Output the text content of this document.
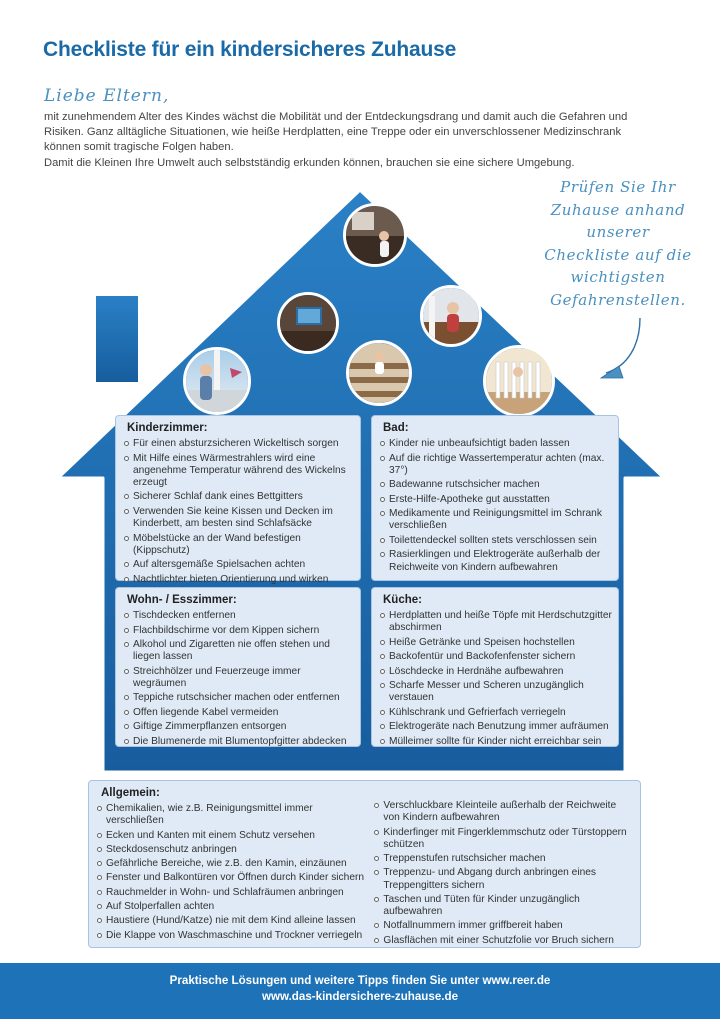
Checkliste für ein kindersicheres Zuhause
Liebe Eltern,

mit zunehmendem Alter des Kindes wächst die Mobilität und der Entdeckungsdrang und damit auch die Gefahren und Risiken. Ganz alltägliche Situationen, wie heiße Herdplatten, eine Treppe oder ein unverschlossener Medizinschrank können somit tragische Folgen haben.

Damit die Kleinen Ihre Umwelt auch selbstständig erkunden können, brauchen sie eine sichere Umgebung.

Prüfen Sie Ihr
Zuhause anhand
unserer
Checkliste auf die
wichtigsten
Gefahrenstellen.
Kinderzimmer:
Für einen absturzsicheren Wickeltisch sorgen
Mit Hilfe eines Wärmestrahlers wird eine angenehme Temperatur während des Wickelns erzeugt
Sicherer Schlaf dank eines Bettgitters
Verwenden Sie keine Kissen und Decken im Kinderbett, am besten sind Schlafsäcke
Möbelstücke an der Wand befestigen (Kippschutz)
Auf altersgemäße Spielsachen achten
Nachtlichter bieten Orientierung und wirken
Bad:
Kinder nie unbeaufsichtigt baden lassen
Auf die richtige Wassertemperatur achten (max. 37°)
Badewanne rutschsicher machen
Erste-Hilfe-Apotheke gut ausstatten
Medikamente und Reinigungsmittel im Schrank verschließen
Toilettendeckel sollten stets verschlossen sein
Rasierklingen und Elektrogeräte außerhalb der Reichweite von Kindern aufbewahren
Wohn- / Esszimmer:
Tischdecken entfernen
Flachbildschirme vor dem Kippen sichern
Alkohol und Zigaretten nie offen stehen und liegen lassen
Streichhölzer und Feuerzeuge immer wegräumen
Teppiche rutschsicher machen oder entfernen
Offen liegende Kabel vermeiden
Giftige Zimmerpflanzen entsorgen
Die Blumenerde mit Blumentopfgitter abdecken
Küche:
Herdplatten und heiße Töpfe mit Herdschutzgitter abschirmen
Heiße Getränke und Speisen hochstellen
Backofentür und Backofenfenster sichern
Löschdecke in Herdnähe aufbewahren
Scharfe Messer und Scheren unzugänglich verstauen
Kühlschrank und Gefrierfach verriegeln
Elektrogeräte nach Benutzung immer aufräumen
Mülleimer sollte für Kinder nicht erreichbar sein
Allgemein:
Chemikalien, wie z.B. Reinigungsmittel immer verschließen
Ecken und Kanten mit einem Schutz versehen
Steckdosenschutz anbringen
Gefährliche Bereiche, wie z.B. den Kamin, einzäunen
Fenster und Balkontüren vor Öffnen durch Kinder sichern
Rauchmelder in Wohn- und Schlafräumen anbringen
Auf Stolperfallen achten
Haustiere (Hund/Katze) nie mit dem Kind alleine lassen
Die Klappe von Waschmaschine und Trockner verriegeln
Verschluckbare Kleinteile außerhalb der Reichweite von Kindern aufbewahren
Kinderfinger mit Fingerklemmschutz oder Türstoppern schützen
Treppenstufen rutschsicher machen
Treppenzu- und Abgang durch anbringen eines Treppengitters sichern
Taschen und Tüten für Kinder unzugänglich aufbewahren
Notfallnummern immer griffbereit haben
Glasflächen mit einer Schutzfolie vor Bruch sichern
Praktische Lösungen und weitere Tipps finden Sie unter www.reer.de
www.das-kindersichere-zuhause.de
